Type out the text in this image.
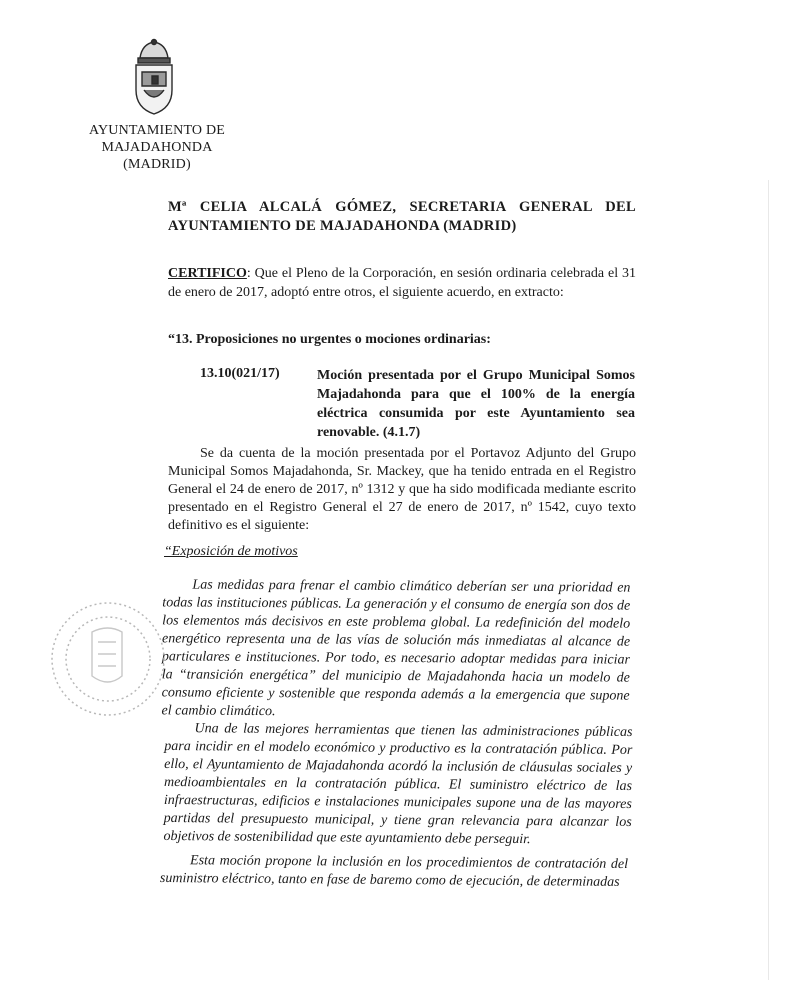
AYUNTAMIENTO DE
MAJADAHONDA
(MADRID)
Mª CELIA ALCALÁ GÓMEZ, SECRETARIA GENERAL DEL
AYUNTAMIENTO DE MAJADAHONDA (MADRID)
CERTIFICO: Que el Pleno de la Corporación, en sesión ordinaria celebrada el 31 de enero de 2017, adoptó entre otros, el siguiente acuerdo, en extracto:
“13. Proposiciones no urgentes o mociones ordinarias:
13.10(021/17)	Moción presentada por el Grupo Municipal Somos Majadahonda para que el 100% de la energía eléctrica consumida por este Ayuntamiento sea renovable. (4.1.7)
Se da cuenta de la moción presentada por el Portavoz Adjunto del Grupo Municipal Somos Majadahonda, Sr. Mackey, que ha tenido entrada en el Registro General el 24 de enero de 2017, nº 1312 y que ha sido modificada mediante escrito presentado en el Registro General el 27 de enero de 2017, nº 1542, cuyo texto definitivo es el siguiente:
“Exposición de motivos
Las medidas para frenar el cambio climático deberían ser una prioridad en todas las instituciones públicas. La generación y el consumo de energía son dos de los elementos más decisivos en este problema global. La redefinición del modelo energético representa una de las vías de solución más inmediatas al alcance de particulares e instituciones. Por todo, es necesario adoptar medidas para iniciar la “transición energética” del municipio de Majadahonda hacia un modelo de consumo eficiente y sostenible que responda además a la emergencia que supone el cambio climático.
Una de las mejores herramientas que tienen las administraciones públicas para incidir en el modelo económico y productivo es la contratación pública. Por ello, el Ayuntamiento de Majadahonda acordó la inclusión de cláusulas sociales y medioambientales en la contratación pública. El suministro eléctrico de las infraestructuras, edificios e instalaciones municipales supone una de las mayores partidas del presupuesto municipal, y tiene gran relevancia para alcanzar los objetivos de sostenibilidad que este ayuntamiento debe perseguir.
Esta moción propone la inclusión en los procedimientos de contratación del suministro eléctrico, tanto en fase de baremo como de ejecución, de determinadas
